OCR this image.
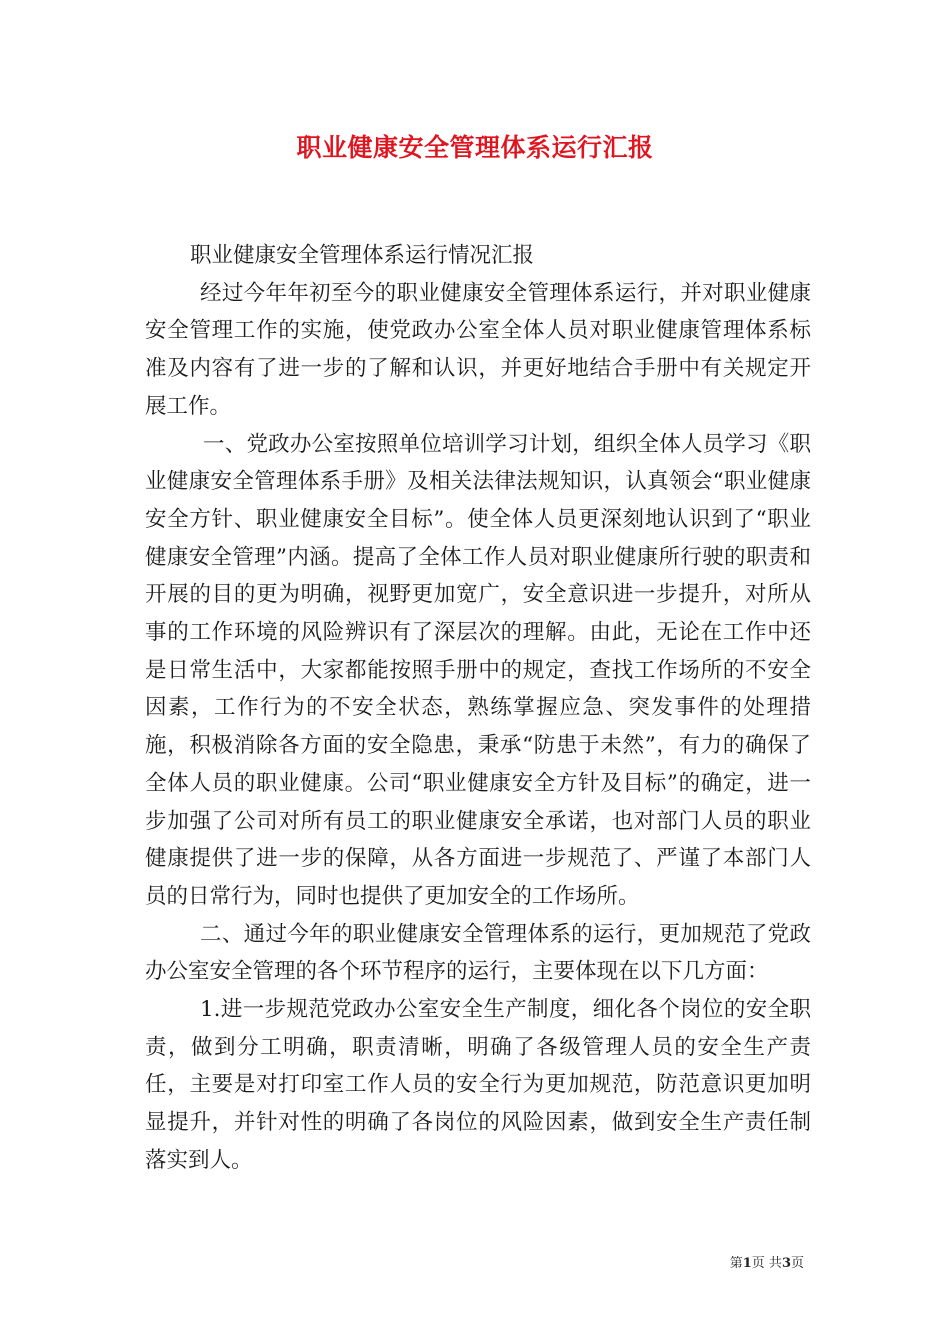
职业健康安全管理体系运行汇报

职业健康安全管理体系运行情况汇报

经过今年年初至今的职业健康安全管理体系运行，并对职业健康安全管理工作的实施，使党政办公室全体人员对职业健康管理体系标准及内容有了进一步的了解和认识，并更好地结合手册中有关规定开展工作。

一、党政办公室按照单位培训学习计划，组织全体人员学习《职业健康安全管理体系手册》及相关法律法规知识，认真领会“职业健康安全方针、职业健康安全目标”。使全体人员更深刻地认识到了“职业健康安全管理”内涵。提高了全体工作人员对职业健康所行驶的职责和开展的目的更为明确，视野更加宽广，安全意识进一步提升，对所从事的工作环境的风险辨识有了深层次的理解。由此，无论在工作中还是日常生活中，大家都能按照手册中的规定，查找工作场所的不安全因素，工作行为的不安全状态，熟练掌握应急、突发事件的处理措施，积极消除各方面的安全隐患，秉承“防患于未然”，有力的确保了全体人员的职业健康。公司“职业健康安全方针及目标”的确定，进一步加强了公司对所有员工的职业健康安全承诺，也对部门人员的职业健康提供了进一步的保障，从各方面进一步规范了、严谨了本部门人员的日常行为，同时也提供了更加安全的工作场所。

二、通过今年的职业健康安全管理体系的运行，更加规范了党政办公室安全管理的各个环节程序的运行，主要体现在以下几方面：

1.进一步规范党政办公室安全生产制度，细化各个岗位的安全职责，做到分工明确，职责清晰，明确了各级管理人员的安全生产责任，主要是对打印室工作人员的安全行为更加规范，防范意识更加明显提升，并针对性的明确了各岗位的风险因素，做到安全生产责任制落实到人。

第1页 共3页
